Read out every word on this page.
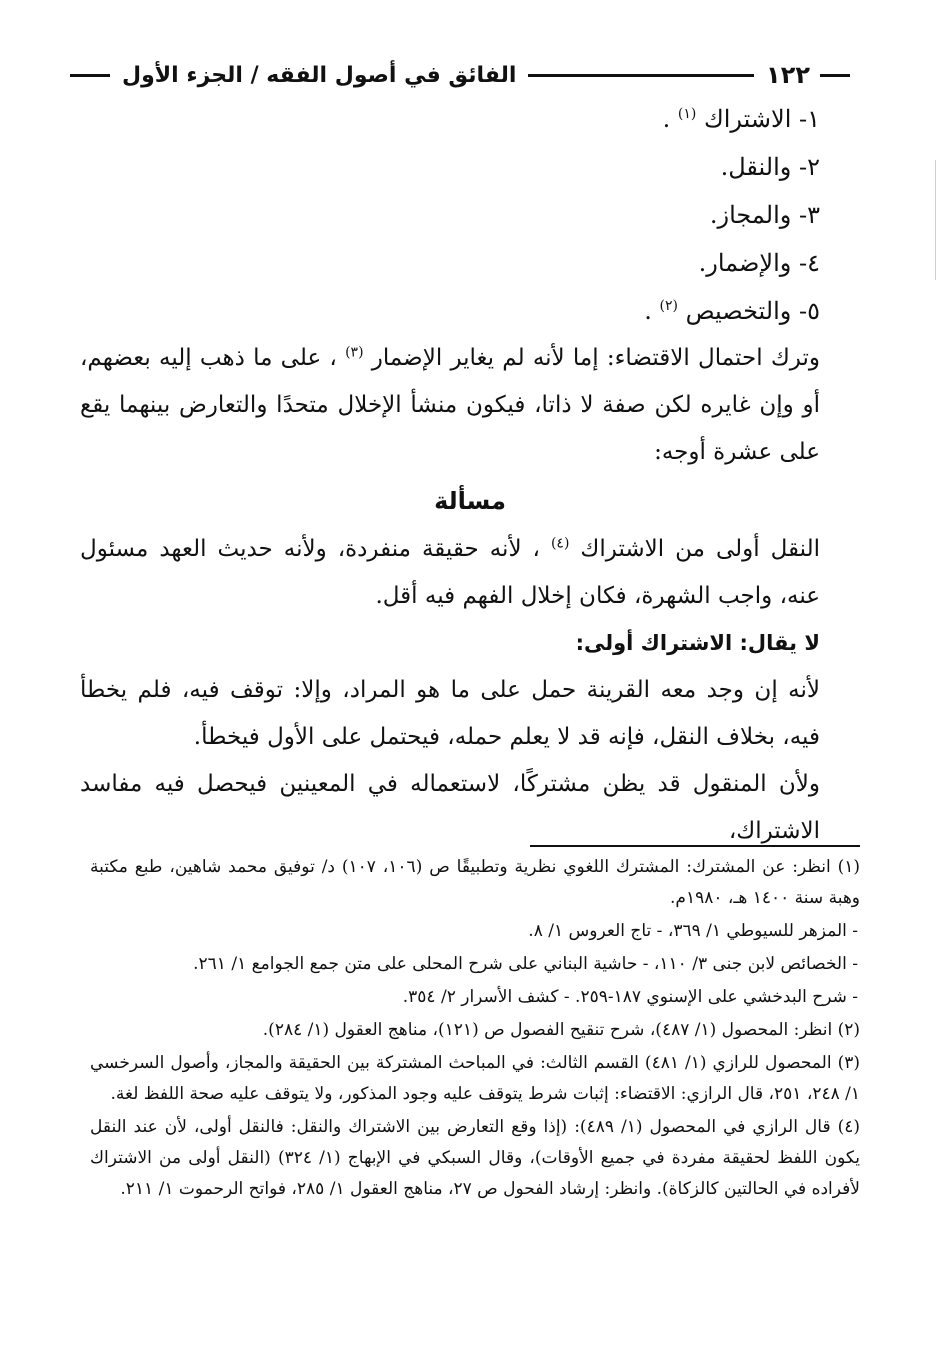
١٢٢
الفائق في أصول الفقه / الجزء الأول
١- الاشتراك $^{(١)}$ .
٢- والنقل.
٣- والمجاز.
٤- والإضمار.
٥- والتخصيص $^{(٢)}$ .

وترك احتمال الاقتضاء: إما لأنه لم يغاير الإضمار $^{(٣)}$ ، على ما ذهب إليه بعضهم، أو وإن غايره لكن صفة لا ذاتا، فيكون منشأ الإخلال متحدًا والتعارض بينهما يقع على عشرة أوجه:

مسألة

النقل أولى من الاشتراك $^{(٤)}$ ، لأنه حقيقة منفردة، ولأنه حديث العهد مسئول عنه، واجب الشهرة، فكان إخلال الفهم فيه أقل.

لا يقال: الاشتراك أولى:

لأنه إن وجد معه القرينة حمل على ما هو المراد، وإلا: توقف فيه، فلم يخطأ فيه، بخلاف النقل، فإنه قد لا يعلم حمله، فيحتمل على الأول فيخطأ.

ولأن المنقول قد يظن مشتركًا، لاستعماله في المعينين فيحصل فيه مفاسد الاشتراك،

(١) انظر: عن المشترك: المشترك اللغوي نظرية وتطبيقًا ص (١٠٦، ١٠٧) د/ توفيق محمد شاهين، طبع مكتبة وهبة سنة ١٤٠٠ هـ، ١٩٨٠م.

- المزهر للسيوطي ١/ ٣٦٩، - تاج العروس ١/ ٨.

- الخصائص لابن جنى ٣/ ١١٠، - حاشية البناني على شرح المحلى على متن جمع الجوامع ١/ ٢٦١.

- شرح البدخشي على الإسنوي ١٨٧-٢٥٩. - كشف الأسرار ٢/ ٣٥٤.

(٢) انظر: المحصول (١/ ٤٨٧)، شرح تنقيح الفصول ص (١٢١)، مناهج العقول (١/ ٢٨٤).

(٣) المحصول للرازي (١/ ٤٨١) القسم الثالث: في المباحث المشتركة بين الحقيقة والمجاز، وأصول السرخسي ١/ ٢٤٨، ٢٥١، قال الرازي: الاقتضاء: إثبات شرط يتوقف عليه وجود المذكور، ولا يتوقف عليه صحة اللفظ لغة.

(٤) قال الرازي في المحصول (١/ ٤٨٩): (إذا وقع التعارض بين الاشتراك والنقل: فالنقل أولى، لأن عند النقل يكون اللفظ لحقيقة مفردة في جميع الأوقات)، وقال السبكي في الإبهاج (١/ ٣٢٤) (النقل أولى من الاشتراك لأفراده في الحالتين كالزكاة). وانظر: إرشاد الفحول ص ٢٧، مناهج العقول ١/ ٢٨٥، فواتح الرحموت ١/ ٢١١.
